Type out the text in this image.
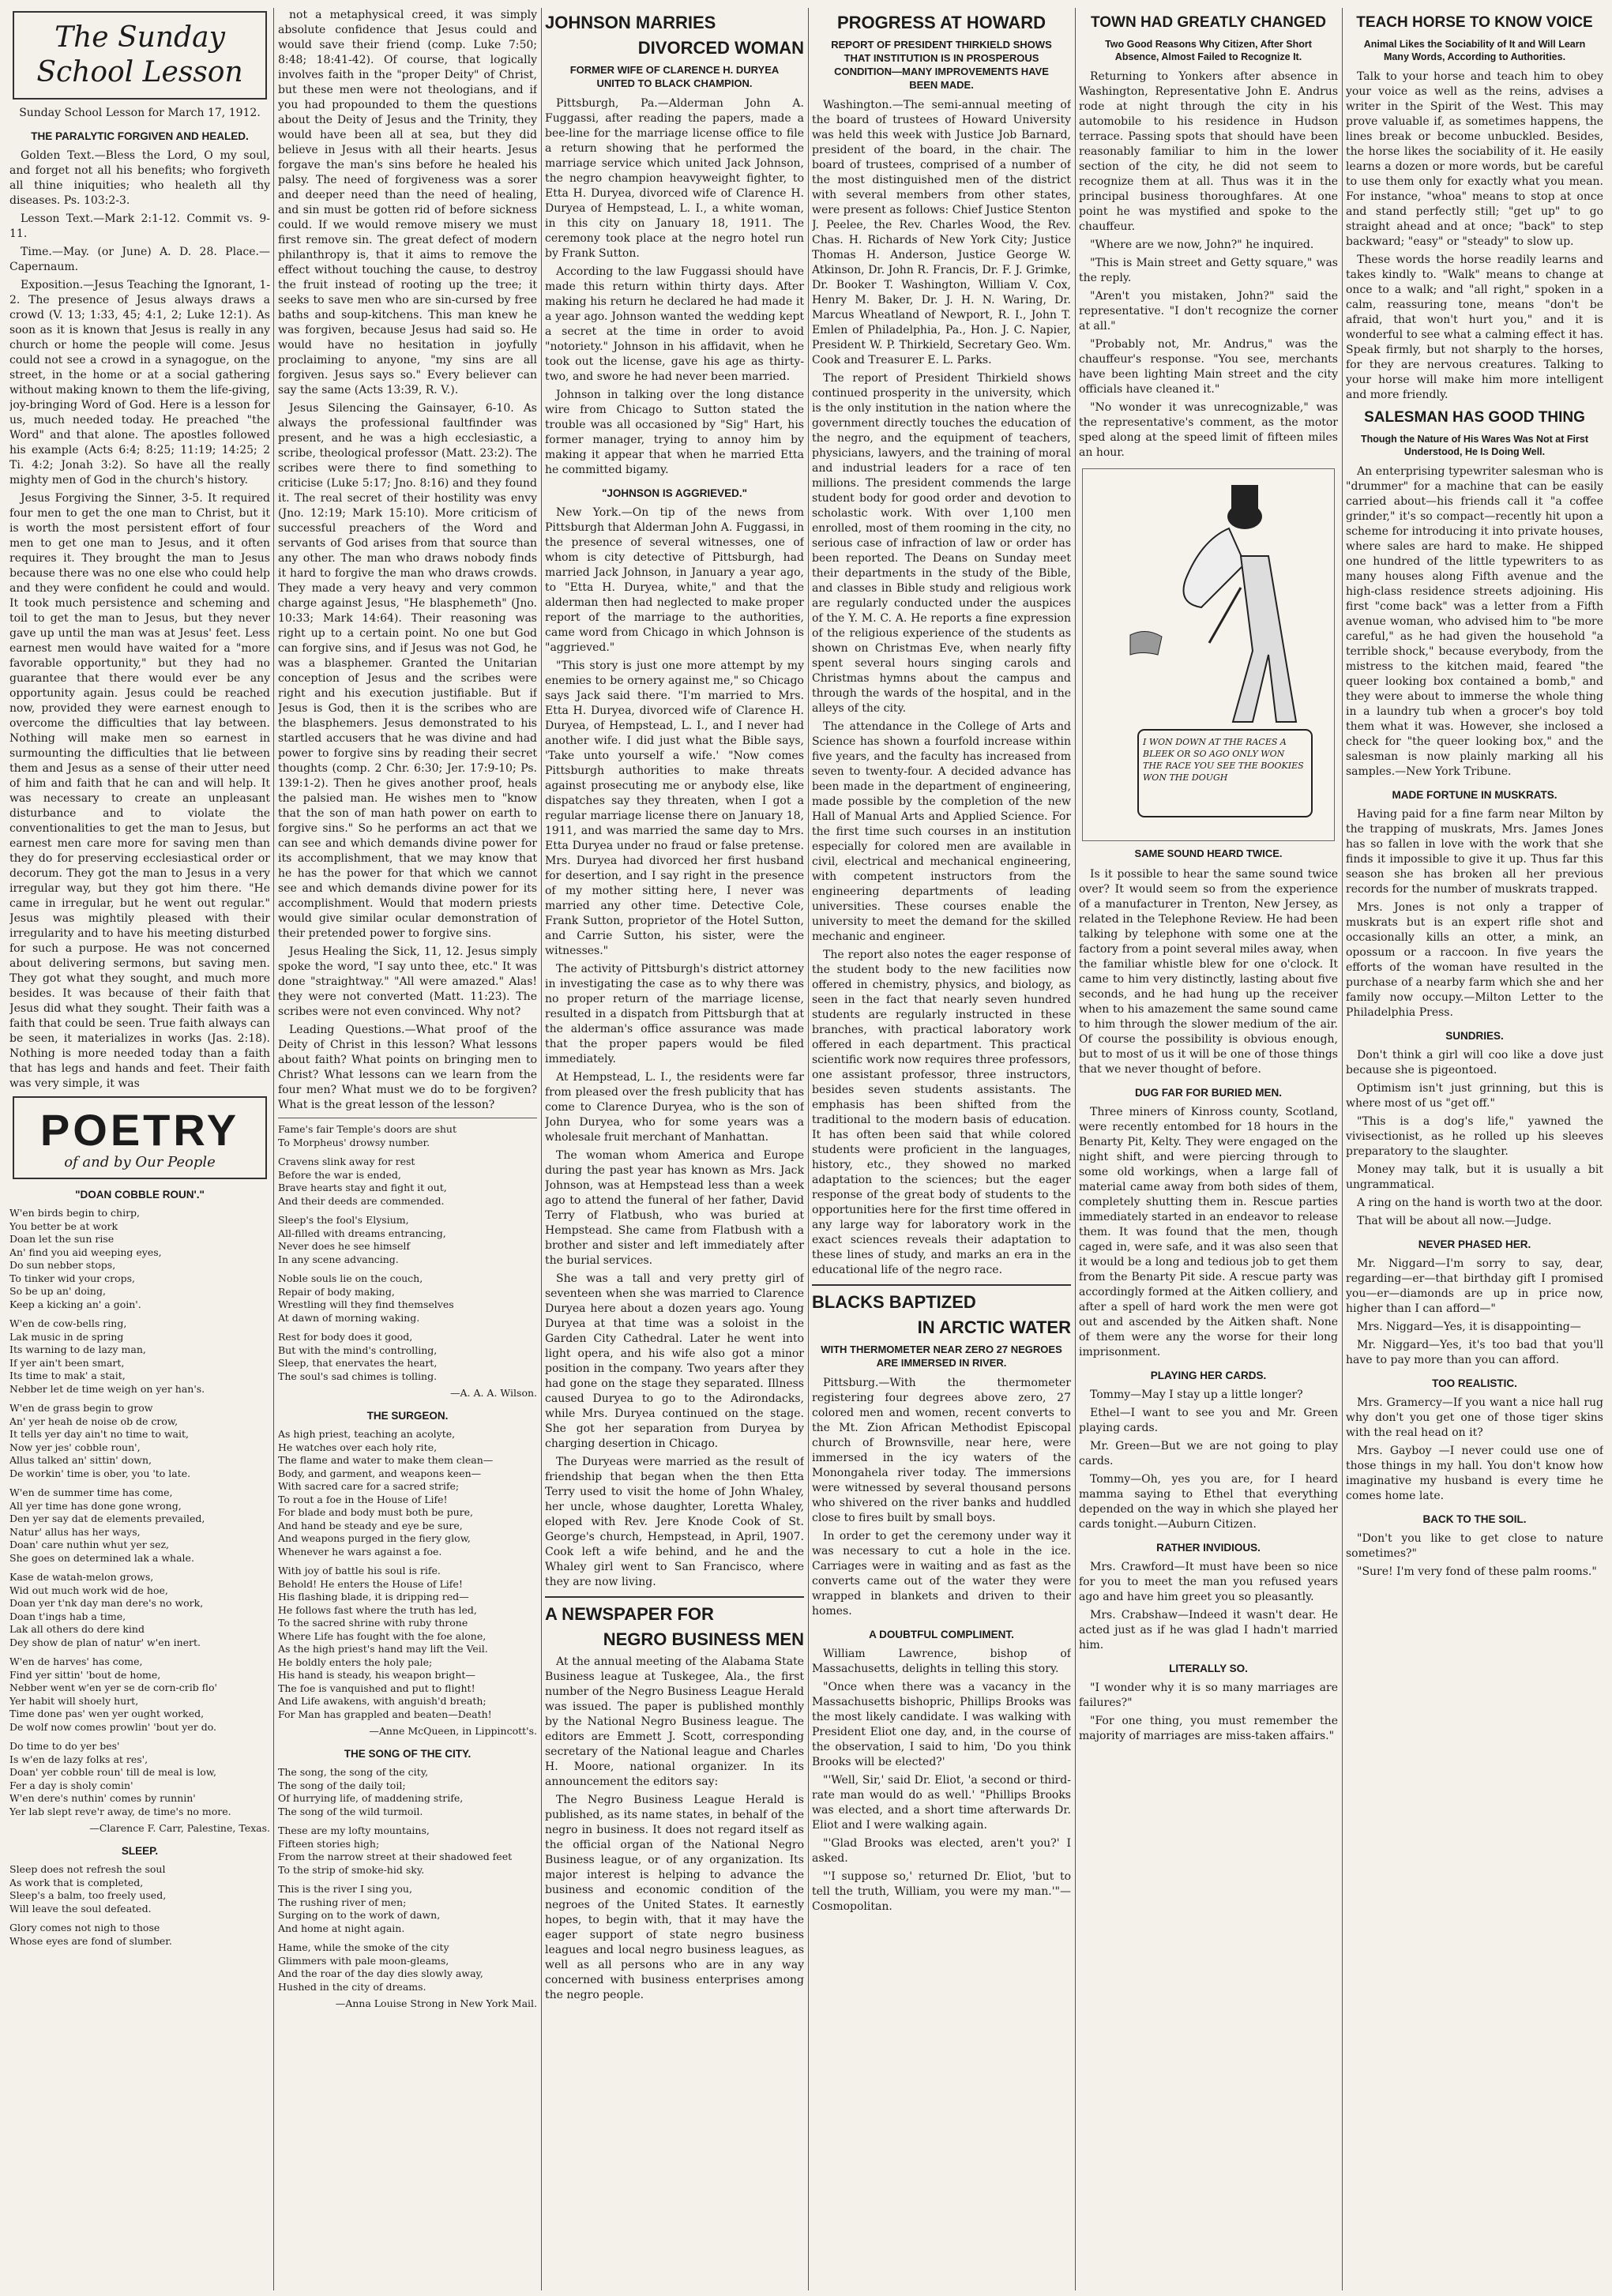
The Sunday
School Lesson

Sunday School Lesson for March 17, 1912.

THE PARALYTIC FORGIVEN AND HEALED.

Golden Text.—Bless the Lord, O my soul, and forget not all his benefits; who forgiveth all thine iniquities; who healeth all thy diseases. Ps. 103:2-3.

Lesson Text.—Mark 2:1-12. Commit vs. 9-11.

Time.—May. (or June) A. D. 28. Place.—Capernaum.

Exposition.—Jesus Teaching the Ignorant, 1-2. The presence of Jesus always draws a crowd (V. 13; 1:33, 45; 4:1, 2; Luke 12:1). As soon as it is known that Jesus is really in any church or home the people will come. Jesus could not see a crowd in a synagogue, on the street, in the home or at a social gathering without making known to them the life-giving, joy-bringing Word of God. Here is a lesson for us, much needed today. He preached "the Word" and that alone. The apostles followed his example (Acts 6:4; 8:25; 11:19; 14:25; 2 Ti. 4:2; Jonah 3:2). So have all the really mighty men of God in the church's history.

Jesus Forgiving the Sinner, 3-5. It required four men to get the one man to Christ, but it is worth the most persistent effort of four men to get one man to Jesus, and it often requires it. They brought the man to Jesus because there was no one else who could help and they were confident he could and would. It took much persistence and scheming and toil to get the man to Jesus, but they never gave up until the man was at Jesus' feet. Less earnest men would have waited for a "more favorable opportunity," but they had no guarantee that there would ever be any opportunity again. Jesus could be reached now, provided they were earnest enough to overcome the difficulties that lay between. Nothing will make men so earnest in surmounting the difficulties that lie between them and Jesus as a sense of their utter need of him and faith that he can and will help. It was necessary to create an unpleasant disturbance and to violate the conventionalities to get the man to Jesus, but earnest men care more for saving men than they do for preserving ecclesiastical order or decorum. They got the man to Jesus in a very irregular way, but they got him there. "He came in irregular, but he went out regular." Jesus was mightily pleased with their irregularity and to have his meeting disturbed for such a purpose. He was not concerned about delivering sermons, but saving men. They got what they sought, and much more besides. It was because of their faith that Jesus did what they sought. Their faith was a faith that could be seen. True faith always can be seen, it materializes in works (Jas. 2:18). Nothing is more needed today than a faith that has legs and hands and feet. Their faith was very simple, it was

POETRY
of and by Our People
"DOAN COBBLE ROUN'."
W'en birds begin to chirp,
You better be at work
Doan let the sun rise
An' find you aid weeping eyes,
Do sun nebber stops,
To tinker wid your crops,
So be up an' doing,
Keep a kicking an' a goin'.
W'en de cow-bells ring,
Lak music in de spring
Its warning to de lazy man,
If yer ain't been smart,
Its time to mak' a stait,
Nebber let de time weigh on yer han's.
W'en de grass begin to grow
An' yer heah de noise ob de crow,
It tells yer day ain't no time to wait,
Now yer jes' cobble roun',
Allus talked an' sittin' down,
De workin' time is ober, you 'to late.
W'en de summer time has come,
All yer time has done gone wrong,
Den yer say dat de elements prevailed,
Natur' allus has her ways,
Doan' care nuthin whut yer sez,
She goes on determined lak a whale.
Kase de watah-melon grows,
Wid out much work wid de hoe,
Doan yer t'nk day man dere's no work,
Doan t'ings hab a time,
Lak all others do dere kind
Dey show de plan of natur' w'en inert.
W'en de harves' has come,
Find yer sittin' 'bout de home,
Nebber went w'en yer se de corn-crib flo'
Yer habit will shoely hurt,
Time done pas' wen yer ought worked,
De wolf now comes prowlin' 'bout yer do.
Do time to do yer bes'
Is w'en de lazy folks at res',
Doan' yer cobble roun' till de meal is low,
Fer a day is sholy comin'
W'en dere's nuthin' comes by runnin'
Yer lab slept reve'r away, de time's no more.
—Clarence F. Carr, Palestine, Texas.
SLEEP.
Sleep does not refresh the soul
As work that is completed,
Sleep's a balm, too freely used,
Will leave the soul defeated.
Glory comes not nigh to those
Whose eyes are fond of slumber.

not a metaphysical creed, it was simply absolute confidence that Jesus could and would save their friend (comp. Luke 7:50; 8:48; 18:41-42). Of course, that logically involves faith in the "proper Deity" of Christ, but these men were not theologians, and if you had propounded to them the questions about the Deity of Jesus and the Trinity, they would have been all at sea, but they did believe in Jesus with all their hearts. Jesus forgave the man's sins before he healed his palsy. The need of forgiveness was a sorer and deeper need than the need of healing, and sin must be gotten rid of before sickness could. If we would remove misery we must first remove sin. The great defect of modern philanthropy is, that it aims to remove the effect without touching the cause, to destroy the fruit instead of rooting up the tree; it seeks to save men who are sin-cursed by free baths and soup-kitchens. This man knew he was forgiven, because Jesus had said so. He would have no hesitation in joyfully proclaiming to anyone, "my sins are all forgiven. Jesus says so." Every believer can say the same (Acts 13:39, R. V.).

Jesus Silencing the Gainsayer, 6-10. As always the professional faultfinder was present, and he was a high ecclesiastic, a scribe, theological professor (Matt. 23:2). The scribes were there to find something to criticise (Luke 5:17; Jno. 8:16) and they found it. The real secret of their hostility was envy (Jno. 12:19; Mark 15:10). More criticism of successful preachers of the Word and servants of God arises from that source than any other. The man who draws nobody finds it hard to forgive the man who draws crowds. They made a very heavy and very common charge against Jesus, "He blasphemeth" (Jno. 10:33; Mark 14:64). Their reasoning was right up to a certain point. No one but God can forgive sins, and if Jesus was not God, he was a blasphemer. Granted the Unitarian conception of Jesus and the scribes were right and his execution justifiable. But if Jesus is God, then it is the scribes who are the blasphemers. Jesus demonstrated to his startled accusers that he was divine and had power to forgive sins by reading their secret thoughts (comp. 2 Chr. 6:30; Jer. 17:9-10; Ps. 139:1-2). Then he gives another proof, heals the palsied man. He wishes men to "know that the son of man hath power on earth to forgive sins." So he performs an act that we can see and which demands divine power for its accomplishment, that we may know that he has the power for that which we cannot see and which demands divine power for its accomplishment. Would that modern priests would give similar ocular demonstration of their pretended power to forgive sins.

Jesus Healing the Sick, 11, 12. Jesus simply spoke the word, "I say unto thee, etc." It was done "straightway." "All were amazed." Alas! they were not converted (Matt. 11:23). The scribes were not even convinced. Why not?

Leading Questions.—What proof of the Deity of Christ in this lesson? What lessons about faith? What points on bringing men to Christ? What lessons can we learn from the four men? What must we do to be forgiven? What is the great lesson of the lesson?

Fame's fair Temple's doors are shut
To Morpheus' drowsy number.
Cravens slink away for rest
Before the war is ended,
Brave hearts stay and fight it out,
And their deeds are commended.
Sleep's the fool's Elysium,
All-filled with dreams entrancing,
Never does he see himself
In any scene advancing.
Noble souls lie on the couch,
Repair of body making,
Wrestling will they find themselves
At dawn of morning waking.
Rest for body does it good,
But with the mind's controlling,
Sleep, that enervates the heart,
The soul's sad chimes is tolling.
—A. A. A. Wilson.
THE SURGEON.
As high priest, teaching an acolyte,
He watches over each holy rite,
The flame and water to make them clean—
Body, and garment, and weapons keen—
With sacred care for a sacred strife;
To rout a foe in the House of Life!
For blade and body must both be pure,
And hand be steady and eye be sure,
And weapons purged in the fiery glow,
Whenever he wars against a foe.
With joy of battle his soul is rife.
Behold! He enters the House of Life!
His flashing blade, it is dripping red—
He follows fast where the truth has led,
To the sacred shrine with ruby throne
Where Life has fought with the foe alone,
As the high priest's hand may lift the Veil.
He boldly enters the holy pale;
His hand is steady, his weapon bright—
The foe is vanquished and put to flight!
And Life awakens, with anguish'd breath;
For Man has grappled and beaten—Death!
—Anne McQueen, in Lippincott's.
THE SONG OF THE CITY.
The song, the song of the city,
The song of the daily toil;
Of hurrying life, of maddening strife,
The song of the wild turmoil.
These are my lofty mountains,
Fifteen stories high;
From the narrow street at their shadowed feet
To the strip of smoke-hid sky.
This is the river I sing you,
The rushing river of men;
Surging on to the work of dawn,
And home at night again.
Hame, while the smoke of the city
Glimmers with pale moon-gleams,
And the roar of the day dies slowly away,
Hushed in the city of dreams.
—Anna Louise Strong in New York Mail.
JOHNSON MARRIES
DIVORCED WOMAN
FORMER WIFE OF CLARENCE H. DURYEA UNITED TO BLACK CHAMPION.

Pittsburgh, Pa.—Alderman John A. Fuggassi, after reading the papers, made a bee-line for the marriage license office to file a return showing that he performed the marriage service which united Jack Johnson, the negro champion heavyweight fighter, to Etta H. Duryea, divorced wife of Clarence H. Duryea of Hempstead, L. I., a white woman, in this city on January 18, 1911. The ceremony took place at the negro hotel run by Frank Sutton.

According to the law Fuggassi should have made this return within thirty days. After making his return he declared he had made it a year ago. Johnson wanted the wedding kept a secret at the time in order to avoid "notoriety." Johnson in his affidavit, when he took out the license, gave his age as thirty-two, and swore he had never been married.

Johnson in talking over the long distance wire from Chicago to Sutton stated the trouble was all occasioned by "Sig" Hart, his former manager, trying to annoy him by making it appear that when he married Etta he committed bigamy.

"JOHNSON IS AGGRIEVED."

New York.—On tip of the news from Pittsburgh that Alderman John A. Fuggassi, in the presence of several witnesses, one of whom is city detective of Pittsburgh, had married Jack Johnson, in January a year ago, to "Etta H. Duryea, white," and that the alderman then had neglected to make proper report of the marriage to the authorities, came word from Chicago in which Johnson is "aggrieved."

"This story is just one more attempt by my enemies to be ornery against me," so Chicago says Jack said there. "I'm married to Mrs. Etta H. Duryea, divorced wife of Clarence H. Duryea, of Hempstead, L. I., and I never had another wife. I did just what the Bible says, 'Take unto yourself a wife.' "Now comes Pittsburgh authorities to make threats against prosecuting me or anybody else, like dispatches say they threaten, when I got a regular marriage license there on January 18, 1911, and was married the same day to Mrs. Etta Duryea under no fraud or false pretense. Mrs. Duryea had divorced her first husband for desertion, and I say right in the presence of my mother sitting here, I never was married any other time. Detective Cole, Frank Sutton, proprietor of the Hotel Sutton, and Carrie Sutton, his sister, were the witnesses."

The activity of Pittsburgh's district attorney in investigating the case as to why there was no proper return of the marriage license, resulted in a dispatch from Pittsburgh that at the alderman's office assurance was made that the proper papers would be filed immediately.

At Hempstead, L. I., the residents were far from pleased over the fresh publicity that has come to Clarence Duryea, who is the son of John Duryea, who for some years was a wholesale fruit merchant of Manhattan.

The woman whom America and Europe during the past year has known as Mrs. Jack Johnson, was at Hempstead less than a week ago to attend the funeral of her father, David Terry of Flatbush, who was buried at Hempstead. She came from Flatbush with a brother and sister and left immediately after the burial services.

She was a tall and very pretty girl of seventeen when she was married to Clarence Duryea here about a dozen years ago. Young Duryea at that time was a soloist in the Garden City Cathedral. Later he went into light opera, and his wife also got a minor position in the company. Two years after they had gone on the stage they separated. Illness caused Duryea to go to the Adirondacks, while Mrs. Duryea continued on the stage. She got her separation from Duryea by charging desertion in Chicago.

The Duryeas were married as the result of friendship that began when the then Etta Terry used to visit the home of John Whaley, her uncle, whose daughter, Loretta Whaley, eloped with Rev. Jere Knode Cook of St. George's church, Hempstead, in April, 1907. Cook left a wife behind, and he and the Whaley girl went to San Francisco, where they are now living.

A NEWSPAPER FOR
NEGRO BUSINESS MEN

At the annual meeting of the Alabama State Business league at Tuskegee, Ala., the first number of the Negro Business League Herald was issued. The paper is published monthly by the National Negro Business league. The editors are Emmett J. Scott, corresponding secretary of the National league and Charles H. Moore, national organizer. In its announcement the editors say:

The Negro Business League Herald is published, as its name states, in behalf of the negro in business. It does not regard itself as the official organ of the National Negro Business league, or of any organization. Its major interest is helping to advance the business and economic condition of the negroes of the United States. It earnestly hopes, to begin with, that it may have the eager support of state negro business leagues and local negro business leagues, as well as all persons who are in any way concerned with business enterprises among the negro people.

PROGRESS AT HOWARD
REPORT OF PRESIDENT THIRKIELD SHOWS THAT INSTITUTION IS IN PROSPEROUS CONDITION—MANY IMPROVEMENTS HAVE BEEN MADE.

Washington.—The semi-annual meeting of the board of trustees of Howard University was held this week with Justice Job Barnard, president of the board, in the chair. The board of trustees, comprised of a number of the most distinguished men of the district with several members from other states, were present as follows: Chief Justice Stenton J. Peelee, the Rev. Charles Wood, the Rev. Chas. H. Richards of New York City; Justice Thomas H. Anderson, Justice George W. Atkinson, Dr. John R. Francis, Dr. F. J. Grimke, Dr. Booker T. Washington, William V. Cox, Henry M. Baker, Dr. J. H. N. Waring, Dr. Marcus Wheatland of Newport, R. I., John T. Emlen of Philadelphia, Pa., Hon. J. C. Napier, President W. P. Thirkield, Secretary Geo. Wm. Cook and Treasurer E. L. Parks.

The report of President Thirkield shows continued prosperity in the university, which is the only institution in the nation where the government directly touches the education of the negro, and the equipment of teachers, physicians, lawyers, and the training of moral and industrial leaders for a race of ten millions. The president commends the large student body for good order and devotion to scholastic work. With over 1,100 men enrolled, most of them rooming in the city, no serious case of infraction of law or order has been reported. The Deans on Sunday meet their departments in the study of the Bible, and classes in Bible study and religious work are regularly conducted under the auspices of the Y. M. C. A. He reports a fine expression of the religious experience of the students as shown on Christmas Eve, when nearly fifty spent several hours singing carols and Christmas hymns about the campus and through the wards of the hospital, and in the alleys of the city.

The attendance in the College of Arts and Science has shown a fourfold increase within five years, and the faculty has increased from seven to twenty-four. A decided advance has been made in the department of engineering, made possible by the completion of the new Hall of Manual Arts and Applied Science. For the first time such courses in an institution especially for colored men are available in civil, electrical and mechanical engineering, with competent instructors from the engineering departments of leading universities. These courses enable the university to meet the demand for the skilled mechanic and engineer.

The report also notes the eager response of the student body to the new facilities now offered in chemistry, physics, and biology, as seen in the fact that nearly seven hundred students are regularly instructed in these branches, with practical laboratory work offered in each department. This practical scientific work now requires three professors, one assistant professor, three instructors, besides seven students assistants. The emphasis has been shifted from the traditional to the modern basis of education. It has often been said that while colored students were proficient in the languages, history, etc., they showed no marked adaptation to the sciences; but the eager response of the great body of students to the opportunities here for the first time offered in any large way for laboratory work in the exact sciences reveals their adaptation to these lines of study, and marks an era in the educational life of the negro race.

BLACKS BAPTIZED
IN ARCTIC WATER
WITH THERMOMETER NEAR ZERO 27 NEGROES ARE IMMERSED IN RIVER.

Pittsburg.—With the thermometer registering four degrees above zero, 27 colored men and women, recent converts to the Mt. Zion African Methodist Episcopal church of Brownsville, near here, were immersed in the icy waters of the Monongahela river today. The immersions were witnessed by several thousand persons who shivered on the river banks and huddled close to fires built by small boys.

In order to get the ceremony under way it was necessary to cut a hole in the ice. Carriages were in waiting and as fast as the converts came out of the water they were wrapped in blankets and driven to their homes.

A DOUBTFUL COMPLIMENT.

William Lawrence, bishop of Massachusetts, delights in telling this story.

"Once when there was a vacancy in the Massachusetts bishopric, Phillips Brooks was the most likely candidate. I was walking with President Eliot one day, and, in the course of the observation, I said to him, 'Do you think Brooks will be elected?'

"'Well, Sir,' said Dr. Eliot, 'a second or third-rate man would do as well.' "Phillips Brooks was elected, and a short time afterwards Dr. Eliot and I were walking again.

"'Glad Brooks was elected, aren't you?' I asked.

"'I suppose so,' returned Dr. Eliot, 'but to tell the truth, William, you were my man.'"—Cosmopolitan.

TOWN HAD GREATLY CHANGED
Two Good Reasons Why Citizen, After Short Absence, Almost Failed to Recognize It.

Returning to Yonkers after absence in Washington, Representative John E. Andrus rode at night through the city in his automobile to his residence in Hudson terrace. Passing spots that should have been reasonably familiar to him in the lower section of the city, he did not seem to recognize them at all. Thus was it in the principal business thoroughfares. At one point he was mystified and spoke to the chauffeur.

"Where are we now, John?" he inquired.

"This is Main street and Getty square," was the reply.

"Aren't you mistaken, John?" said the representative. "I don't recognize the corner at all."

"Probably not, Mr. Andrus," was the chauffeur's response. "You see, merchants have been lighting Main street and the city officials have cleaned it."

"No wonder it was unrecognizable," was the representative's comment, as the motor sped along at the speed limit of fifteen miles an hour.

I WON DOWN AT THE RACES A BLEEK OR SO AGO ONLY WON THE RACE YOU SEE THE BOOKIES WON THE DOUGH
SAME SOUND HEARD TWICE.

Is it possible to hear the same sound twice over? It would seem so from the experience of a manufacturer in Trenton, New Jersey, as related in the Telephone Review. He had been talking by telephone with some one at the factory from a point several miles away, when the familiar whistle blew for one o'clock. It came to him very distinctly, lasting about five seconds, and he had hung up the receiver when to his amazement the same sound came to him through the slower medium of the air. Of course the possibility is obvious enough, but to most of us it will be one of those things that we never thought of before.

DUG FAR FOR BURIED MEN.

Three miners of Kinross county, Scotland, were recently entombed for 18 hours in the Benarty Pit, Kelty. They were engaged on the night shift, and were piercing through to some old workings, when a large fall of material came away from both sides of them, completely shutting them in. Rescue parties immediately started in an endeavor to release them. It was found that the men, though caged in, were safe, and it was also seen that it would be a long and tedious job to get them from the Benarty Pit side. A rescue party was accordingly formed at the Aitken colliery, and after a spell of hard work the men were got out and ascended by the Aitken shaft. None of them were any the worse for their long imprisonment.

PLAYING HER CARDS.

Tommy—May I stay up a little longer?

Ethel—I want to see you and Mr. Green playing cards.

Mr. Green—But we are not going to play cards.

Tommy—Oh, yes you are, for I heard mamma saying to Ethel that everything depended on the way in which she played her cards tonight.—Auburn Citizen.

RATHER INVIDIOUS.

Mrs. Crawford—It must have been so nice for you to meet the man you refused years ago and have him greet you so pleasantly.

Mrs. Crabshaw—Indeed it wasn't dear. He acted just as if he was glad I hadn't married him.

LITERALLY SO.

"I wonder why it is so many marriages are failures?"

"For one thing, you must remember the majority of marriages are miss-taken affairs."

TEACH HORSE TO KNOW VOICE
Animal Likes the Sociability of It and Will Learn Many Words, According to Authorities.

Talk to your horse and teach him to obey your voice as well as the reins, advises a writer in the Spirit of the West. This may prove valuable if, as sometimes happens, the lines break or become unbuckled. Besides, the horse likes the sociability of it. He easily learns a dozen or more words, but be careful to use them only for exactly what you mean. For instance, "whoa" means to stop at once and stand perfectly still; "get up" to go straight ahead and at once; "back" to step backward; "easy" or "steady" to slow up.

These words the horse readily learns and takes kindly to. "Walk" means to change at once to a walk; and "all right," spoken in a calm, reassuring tone, means "don't be afraid, that won't hurt you," and it is wonderful to see what a calming effect it has. Speak firmly, but not sharply to the horses, for they are nervous creatures. Talking to your horse will make him more intelligent and more friendly.

SALESMAN HAS GOOD THING
Though the Nature of His Wares Was Not at First Understood, He Is Doing Well.

An enterprising typewriter salesman who is "drummer" for a machine that can be easily carried about—his friends call it "a coffee grinder," it's so compact—recently hit upon a scheme for introducing it into private houses, where sales are hard to make. He shipped one hundred of the little typewriters to as many houses along Fifth avenue and the high-class residence streets adjoining. His first "come back" was a letter from a Fifth avenue woman, who advised him to "be more careful," as he had given the household "a terrible shock," because everybody, from the mistress to the kitchen maid, feared "the queer looking box contained a bomb," and they were about to immerse the whole thing in a laundry tub when a grocer's boy told them what it was. However, she inclosed a check for "the queer looking box," and the salesman is now plainly marking all his samples.—New York Tribune.

MADE FORTUNE IN MUSKRATS.

Having paid for a fine farm near Milton by the trapping of muskrats, Mrs. James Jones has so fallen in love with the work that she finds it impossible to give it up. Thus far this season she has broken all her previous records for the number of muskrats trapped.

Mrs. Jones is not only a trapper of muskrats but is an expert rifle shot and occasionally kills an otter, a mink, an opossum or a raccoon. In five years the efforts of the woman have resulted in the purchase of a nearby farm which she and her family now occupy.—Milton Letter to the Philadelphia Press.

SUNDRIES.

Don't think a girl will coo like a dove just because she is pigeontoed.

Optimism isn't just grinning, but this is where most of us "get off."

"This is a dog's life," yawned the vivisectionist, as he rolled up his sleeves preparatory to the slaughter.

Money may talk, but it is usually a bit ungrammatical.

A ring on the hand is worth two at the door.

That will be about all now.—Judge.

NEVER PHASED HER.

Mr. Niggard—I'm sorry to say, dear, regarding—er—that birthday gift I promised you—er—diamonds are up in price now, higher than I can afford—"

Mrs. Niggard—Yes, it is disappointing—

Mr. Niggard—Yes, it's too bad that you'll have to pay more than you can afford.

TOO REALISTIC.

Mrs. Gramercy—If you want a nice hall rug why don't you get one of those tiger skins with the real head on it?

Mrs. Gayboy —I never could use one of those things in my hall. You don't know how imaginative my husband is every time he comes home late.

BACK TO THE SOIL.

"Don't you like to get close to nature sometimes?"

"Sure! I'm very fond of these palm rooms."
